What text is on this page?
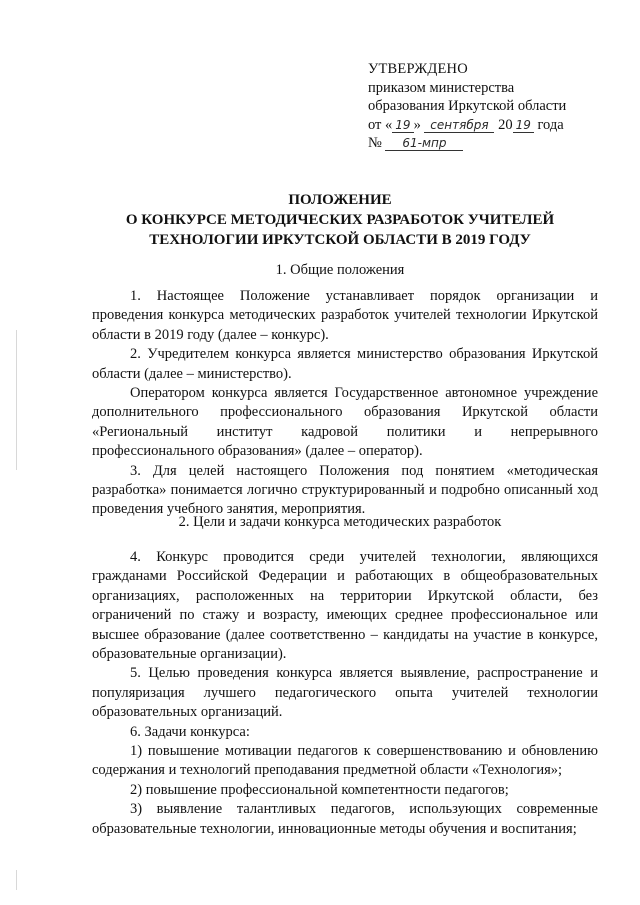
УТВЕРЖДЕНО
приказом министерства
образования Иркутской области
от « 19 » сентября 20 19 года
№ 61-мпр
ПОЛОЖЕНИЕ
О КОНКУРСЕ МЕТОДИЧЕСКИХ РАЗРАБОТОК УЧИТЕЛЕЙ
ТЕХНОЛОГИИ ИРКУТСКОЙ ОБЛАСТИ В 2019 ГОДУ
1. Общие положения

1. Настоящее Положение устанавливает порядок организации и проведения конкурса методических разработок учителей технологии Иркутской области в 2019 году (далее – конкурс).

2. Учредителем конкурса является министерство образования Иркутской области (далее – министерство).

Оператором конкурса является Государственное автономное учреждение дополнительного профессионального образования Иркутской области «Региональный институт кадровой политики и непрерывного профессионального образования» (далее – оператор).

3. Для целей настоящего Положения под понятием «методическая разработка» понимается логично структурированный и подробно описанный ход проведения учебного занятия, мероприятия.

2. Цели и задачи конкурса методических разработок

4. Конкурс проводится среди учителей технологии, являющихся гражданами Российской Федерации и работающих в общеобразовательных организациях, расположенных на территории Иркутской области, без ограничений по стажу и возрасту, имеющих среднее профессиональное или высшее образование (далее соответственно – кандидаты на участие в конкурсе, образовательные организации).

5. Целью проведения конкурса является выявление, распространение и популяризация лучшего педагогического опыта учителей технологии образовательных организаций.

6. Задачи конкурса:

1) повышение мотивации педагогов к совершенствованию и обновлению содержания и технологий преподавания предметной области «Технология»;

2) повышение профессиональной компетентности педагогов;

3) выявление талантливых педагогов, использующих современные образовательные технологии, инновационные методы обучения и воспитания;
